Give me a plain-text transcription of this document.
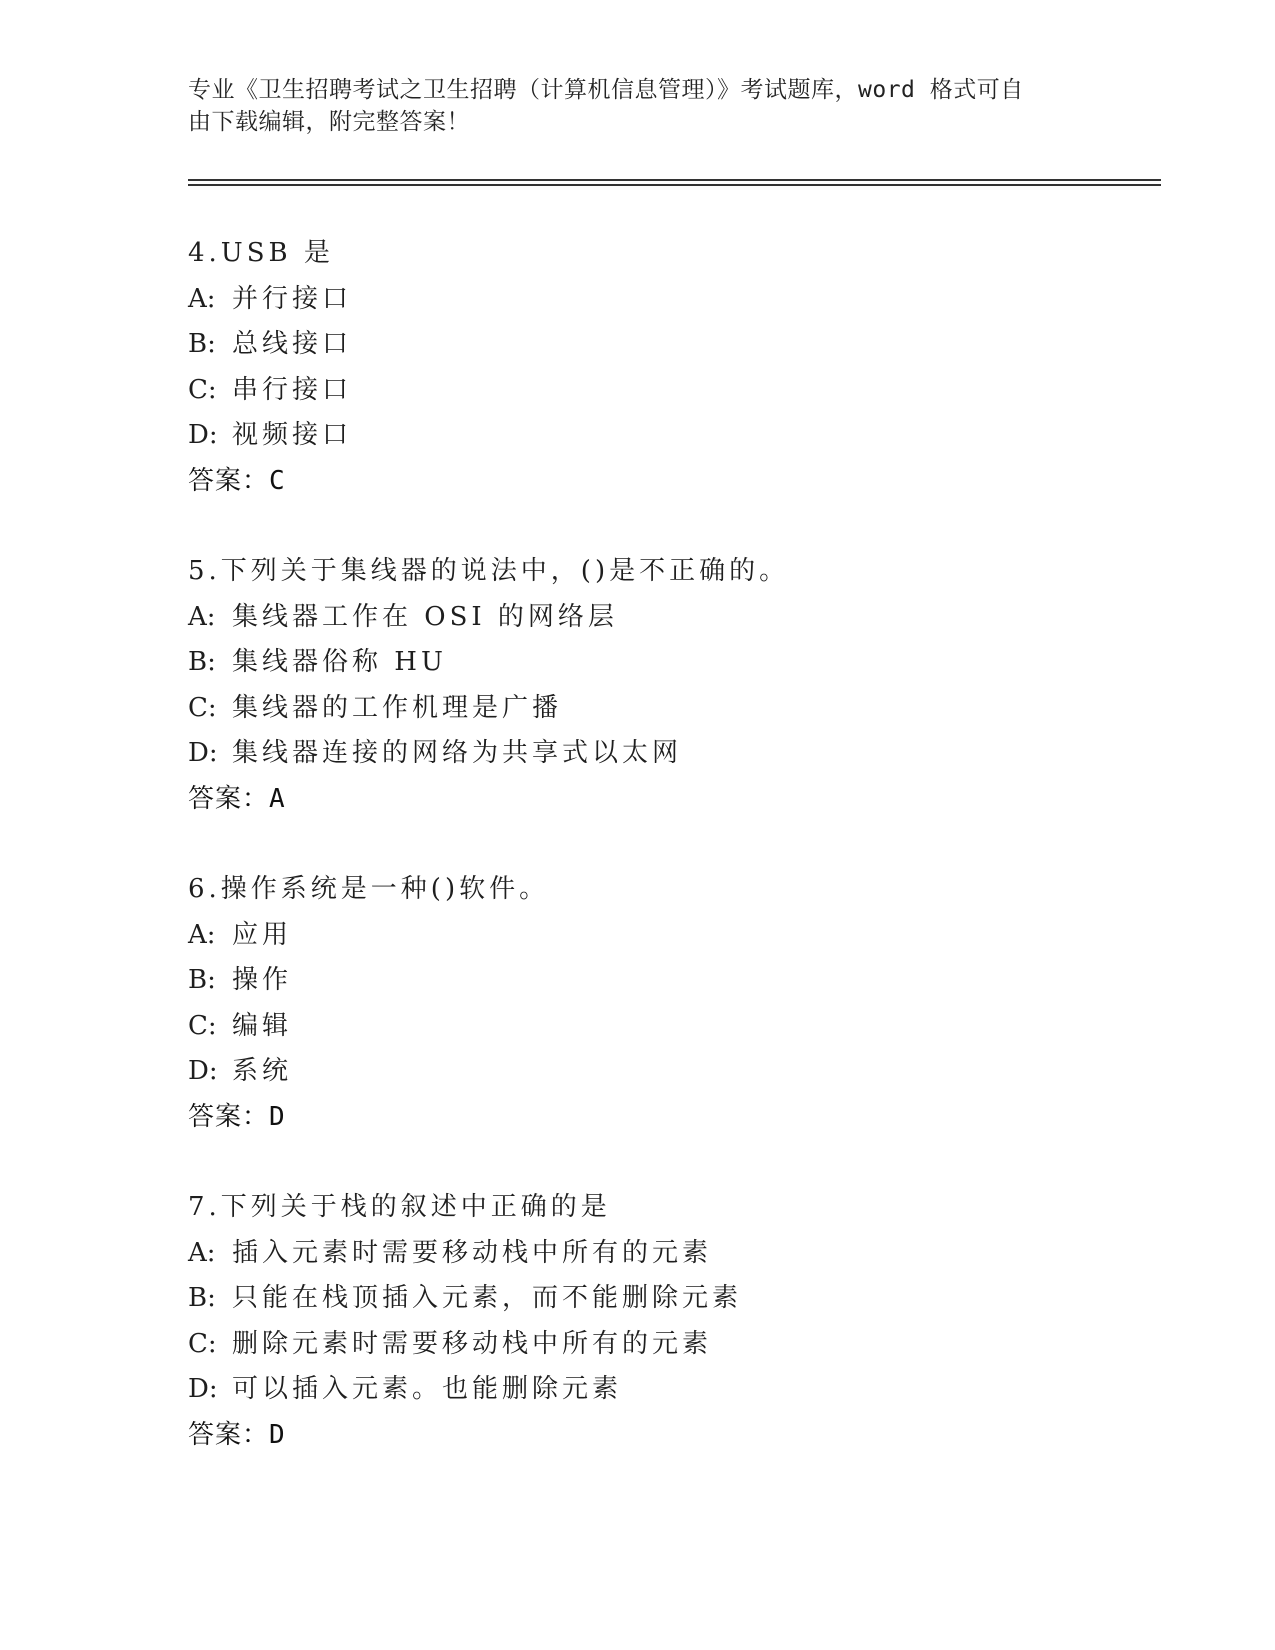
专业《卫生招聘考试之卫生招聘（计算机信息管理）》考试题库，word 格式可自
由下载编辑，附完整答案！
4.USB 是
A: 并行接口
B: 总线接口
C: 串行接口
D: 视频接口
答案：C
5.下列关于集线器的说法中，()是不正确的。
A: 集线器工作在 OSI 的网络层
B: 集线器俗称 HU
C: 集线器的工作机理是广播
D: 集线器连接的网络为共享式以太网
答案：A
6.操作系统是一种()软件。
A: 应用
B: 操作
C: 编辑
D: 系统
答案：D
7.下列关于栈的叙述中正确的是
A: 插入元素时需要移动栈中所有的元素
B: 只能在栈顶插入元素，而不能删除元素
C: 删除元素时需要移动栈中所有的元素
D: 可以插入元素。也能删除元素
答案：D
